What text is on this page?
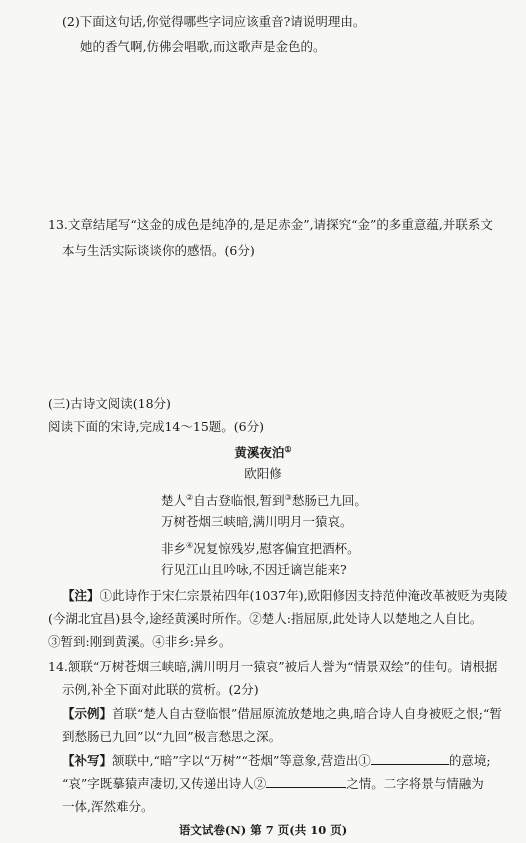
(2)下面这句话,你觉得哪些字词应该重音?请说明理由。
她的香气啊,仿佛会唱歌,而这歌声是金色的。
13.文章结尾写“这金的成色是纯净的,是足赤金”,请探究“金”的多重意蕴,并联系文
本与生活实际谈谈你的感悟。(6分)
(三)古诗文阅读(18分)
阅读下面的宋诗,完成14～15题。(6分)
黄溪夜泊①
欧阳修
楚人②自古登临恨,暂到③愁肠已九回。
万树苍烟三峡暗,满川明月一猿哀。
非乡④况复惊残岁,慰客偏宜把酒杯。
行见江山且吟咏,不因迁谪岂能来?
【注】①此诗作于宋仁宗景祐四年(1037年),欧阳修因支持范仲淹改革被贬为夷陵
(今湖北宜昌)县令,途经黄溪时所作。②楚人:指屈原,此处诗人以楚地之人自比。
③暂到:刚到黄溪。④非乡:异乡。
14.颔联“万树苍烟三峡暗,满川明月一猿哀”被后人誉为“情景双绘”的佳句。请根据
示例,补全下面对此联的赏析。(2分)
【示例】首联“楚人自古登临恨”借屈原流放楚地之典,暗合诗人自身被贬之恨;“暂
到愁肠已九回”以“九回”极言愁思之深。
【补写】颔联中,“暗”字以“万树”“苍烟”等意象,营造出①	的意境;
“哀”字既摹猿声凄切,又传递出诗人②	之情。二字将景与情融为
一体,浑然难分。
语文试卷(N) 第 7 页(共 10 页)
